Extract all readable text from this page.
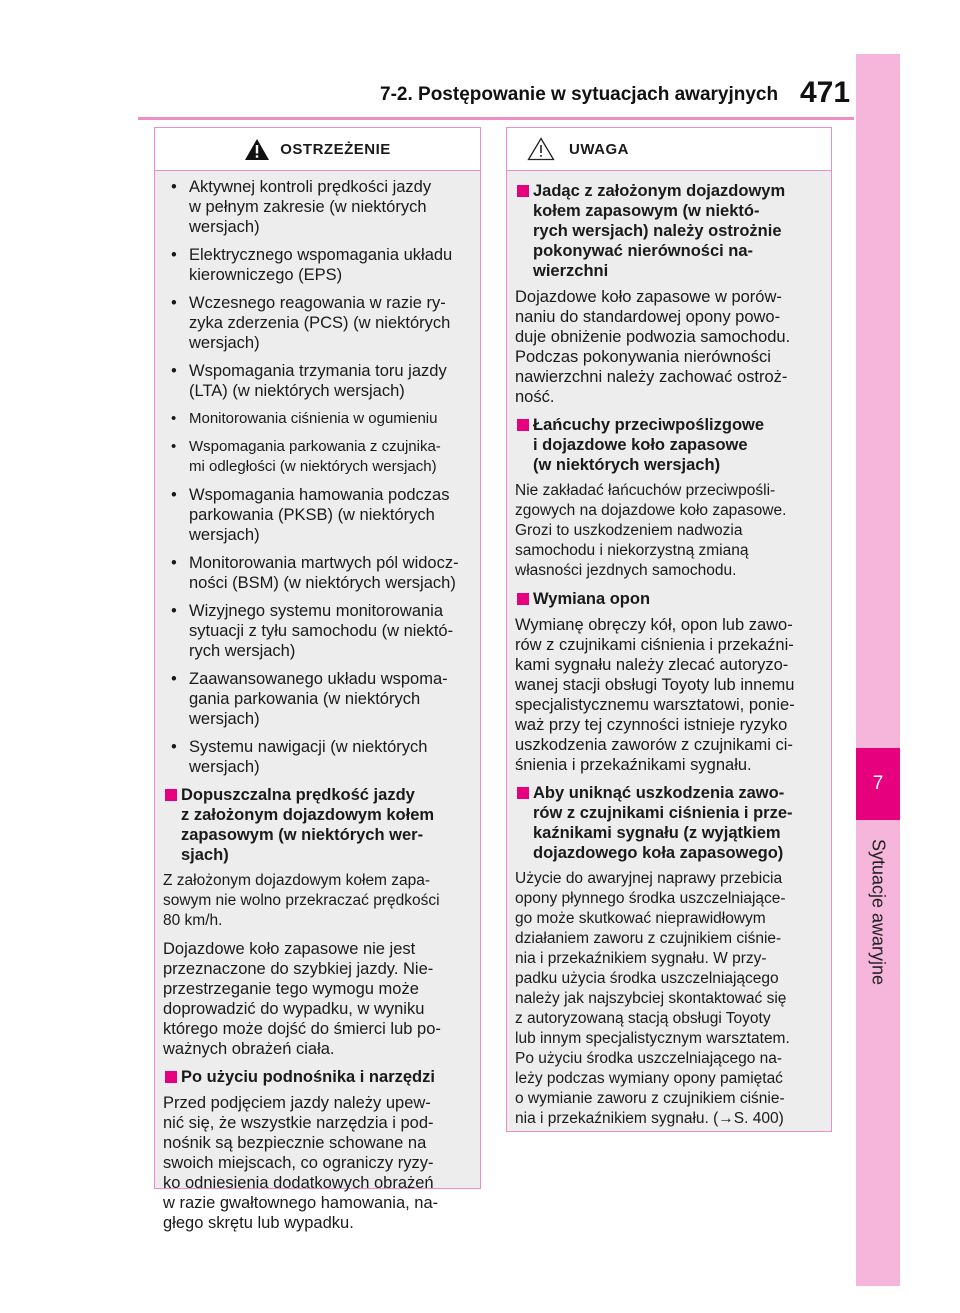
7-2. Postępowanie w sytuacjach awaryjnych 471
7
Sytuacje awaryjne
OSTRZEŻENIE
• Aktywnej kontroli prędkości jazdy
w pełnym zakresie (w niektórych
wersjach)
• Elektrycznego wspomagania układu
kierowniczego (EPS)
• Wczesnego reagowania w razie ry-
zyka zderzenia (PCS) (w niektórych
wersjach)
• Wspomagania trzymania toru jazdy
(LTA) (w niektórych wersjach)
• Monitorowania ciśnienia w ogumieniu
• Wspomagania parkowania z czujnika-
mi odległości (w niektórych wersjach)
• Wspomagania hamowania podczas
parkowania (PKSB) (w niektórych
wersjach)
• Monitorowania martwych pól widocz-
ności (BSM) (w niektórych wersjach)
• Wizyjnego systemu monitorowania
sytuacji z tyłu samochodu (w niektó-
rych wersjach)
• Zaawansowanego układu wspoma-
gania parkowania (w niektórych
wersjach)
• Systemu nawigacji (w niektórych
wersjach)
Dopuszczalna prędkość jazdy
z założonym dojazdowym kołem
zapasowym (w niektórych wer-
sjach)

Z założonym dojazdowym kołem zapa-
sowym nie wolno przekraczać prędkości
80 km/h.

Dojazdowe koło zapasowe nie jest
przeznaczone do szybkiej jazdy. Nie-
przestrzeganie tego wymogu może
doprowadzić do wypadku, w wyniku
którego może dojść do śmierci lub po-
ważnych obrażeń ciała.

Po użyciu podnośnika i narzędzi

Przed podjęciem jazdy należy upew-
nić się, że wszystkie narzędzia i pod-
nośnik są bezpiecznie schowane na
swoich miejscach, co ograniczy ryzy-
ko odniesienia dodatkowych obrażeń
w razie gwałtownego hamowania, na-
głego skrętu lub wypadku.

UWAGA
Jadąc z założonym dojazdowym
kołem zapasowym (w niektó-
rych wersjach) należy ostrożnie
pokonywać nierówności na-
wierzchni

Dojazdowe koło zapasowe w porów-
naniu do standardowej opony powo-
duje obniżenie podwozia samochodu.
Podczas pokonywania nierówności
nawierzchni należy zachować ostroż-
ność.

Łańcuchy przeciwpoślizgowe
i dojazdowe koło zapasowe
(w niektórych wersjach)

Nie zakładać łańcuchów przeciwpośli-
zgowych na dojazdowe koło zapasowe.
Grozi to uszkodzeniem nadwozia
samochodu i niekorzystną zmianą
własności jezdnych samochodu.

Wymiana opon

Wymianę obręczy kół, opon lub zawo-
rów z czujnikami ciśnienia i przekaźni-
kami sygnału należy zlecać autoryzo-
wanej stacji obsługi Toyoty lub innemu
specjalistycznemu warsztatowi, ponie-
waż przy tej czynności istnieje ryzyko
uszkodzenia zaworów z czujnikami ci-
śnienia i przekaźnikami sygnału.

Aby uniknąć uszkodzenia zawo-
rów z czujnikami ciśnienia i prze-
kaźnikami sygnału (z wyjątkiem
dojazdowego koła zapasowego)

Użycie do awaryjnej naprawy przebicia
opony płynnego środka uszczelniające-
go może skutkować nieprawidłowym
działaniem zaworu z czujnikiem ciśnie-
nia i przekaźnikiem sygnału. W przy-
padku użycia środka uszczelniającego
należy jak najszybciej skontaktować się
z autoryzowaną stacją obsługi Toyoty
lub innym specjalistycznym warsztatem.
Po użyciu środka uszczelniającego na-
leży podczas wymiany opony pamiętać
o wymianie zaworu z czujnikiem ciśnie-
nia i przekaźnikiem sygnału. (→S. 400)
